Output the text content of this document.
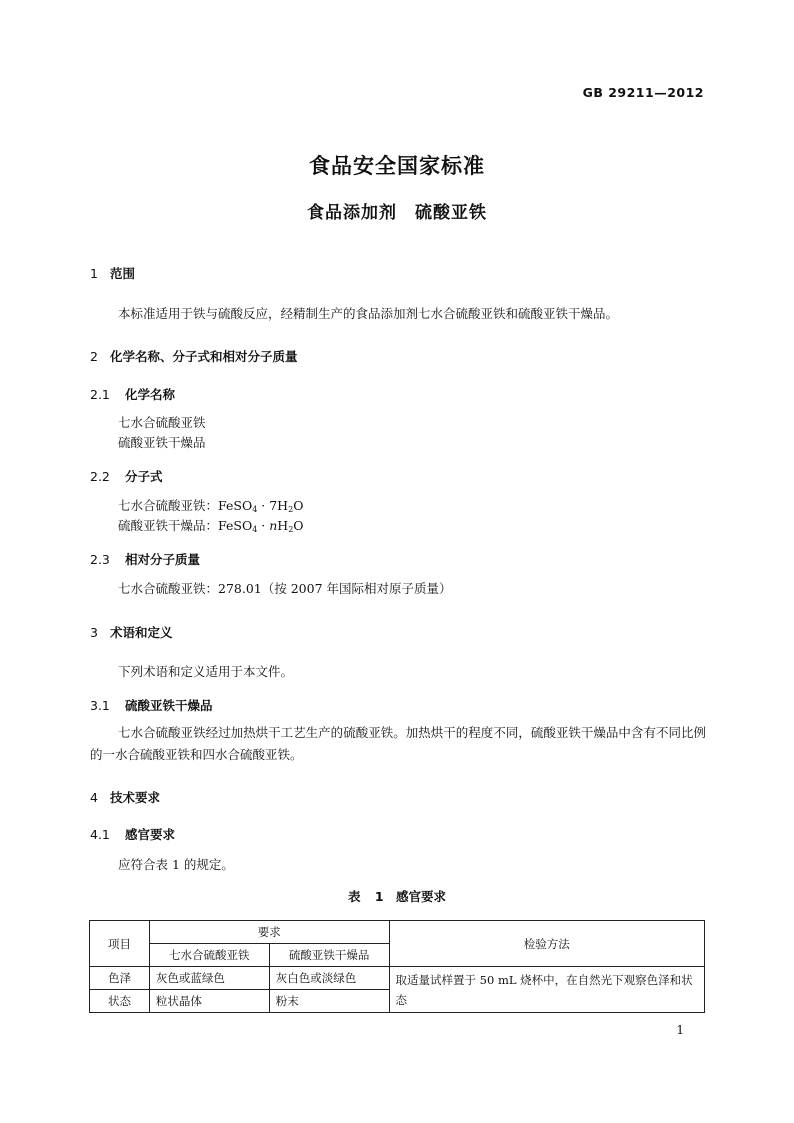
GB 29211—2012
食品安全国家标准
食品添加剂　硫酸亚铁
1 范围
本标准适用于铁与硫酸反应，经精制生产的食品添加剂七水合硫酸亚铁和硫酸亚铁干燥品。
2 化学名称、分子式和相对分子质量
2.1 化学名称
七水合硫酸亚铁
硫酸亚铁干燥品
2.2 分子式
七水合硫酸亚铁：FeSO$_4$ · $7H_2O$
硫酸亚铁干燥品：FeSO$_4$ · $nH_2O$
2.3 相对分子质量
七水合硫酸亚铁：278.01（按 2007 年国际相对原子质量）
3 术语和定义
下列术语和定义适用于本文件。
3.1 硫酸亚铁干燥品
七水合硫酸亚铁经过加热烘干工艺生产的硫酸亚铁。加热烘干的程度不同，硫酸亚铁干燥品中含有不同比例的一水合硫酸亚铁和四水合硫酸亚铁。
4 技术要求
4.1 感官要求
应符合表 1 的规定。
表 1　感官要求
项目	要求		检验方法
	七水合硫酸亚铁	硫酸亚铁干燥品	
色泽	灰色或蓝绿色	灰白色或淡绿色	取适量试样置于 50 mL 烧杯中，在自然光下观察色泽和状态
状态	粒状晶体	粉末	
1
